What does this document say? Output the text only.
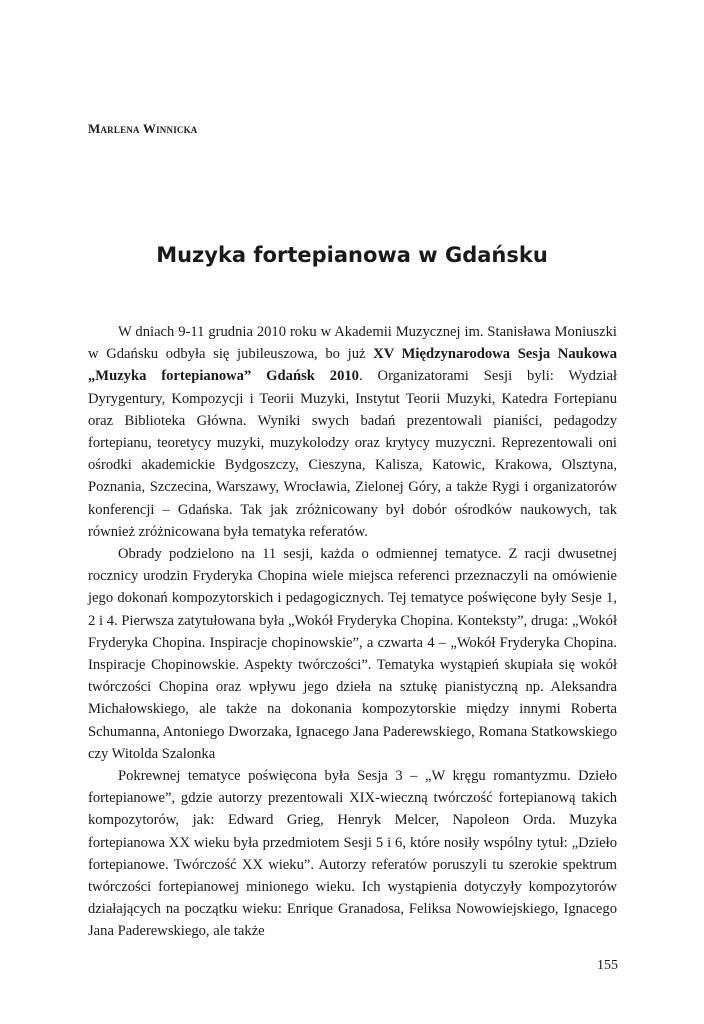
Marlena Winnicka
Muzyka fortepianowa w Gdańsku

W dniach 9-11 grudnia 2010 roku w Akademii Muzycznej im. Stanisława Moniuszki w Gdańsku odbyła się jubileuszowa, bo już XV Międzynarodowa Sesja Naukowa „Muzyka fortepianowa” Gdańsk 2010. Organizatorami Sesji byli: Wydział Dyrygentury, Kompozycji i Teorii Muzyki, Instytut Teorii Muzyki, Katedra Fortepianu oraz Biblioteka Główna. Wyniki swych badań prezentowali pianiści, pedagodzy fortepianu, teoretycy muzyki, muzykolodzy oraz krytycy muzyczni. Reprezentowali oni ośrodki akademickie Bydgoszczy, Cieszyna, Kalisza, Katowic, Krakowa, Olsztyna, Poznania, Szczecina, Warszawy, Wrocławia, Zielonej Góry, a także Rygi i organizatorów konferencji – Gdańska. Tak jak zróżnicowany był dobór ośrodków naukowych, tak również zróżnicowana była tematyka referatów.

Obrady podzielono na 11 sesji, każda o odmiennej tematyce. Z racji dwusetnej rocznicy urodzin Fryderyka Chopina wiele miejsca referenci przeznaczyli na omówienie jego dokonań kompozytorskich i pedagogicznych. Tej tematyce poświęcone były Sesje 1, 2 i 4. Pierwsza zatytułowana była „Wokół Fryderyka Chopina. Konteksty”, druga: „Wokół Fryderyka Chopina. Inspiracje chopinowskie”, a czwarta 4 – „Wokół Fryderyka Chopina. Inspiracje Chopinowskie. Aspekty twórczości”. Tematyka wystąpień skupiała się wokół twórczości Chopina oraz wpływu jego dzieła na sztukę pianistyczną np. Aleksandra Michałowskiego, ale także na dokonania kompozytorskie między innymi Roberta Schumanna, Antoniego Dworzaka, Ignacego Jana Paderewskiego, Romana Statkowskiego czy Witolda Szalonka

Pokrewnej tematyce poświęcona była Sesja 3 – „W kręgu romantyzmu. Dzieło fortepianowe”, gdzie autorzy prezentowali XIX-wieczną twórczość fortepianową takich kompozytorów, jak: Edward Grieg, Henryk Melcer, Napoleon Orda. Muzyka fortepianowa XX wieku była przedmiotem Sesji 5 i 6, które nosiły wspólny tytuł: „Dzieło fortepianowe. Twórczość XX wieku”. Autorzy referatów poruszyli tu szerokie spektrum twórczości fortepianowej minionego wieku. Ich wystąpienia dotyczyły kompozytorów działających na początku wieku: Enrique Granadosa, Feliksa Nowowiejskiego, Ignacego Jana Paderewskiego, ale także

155
